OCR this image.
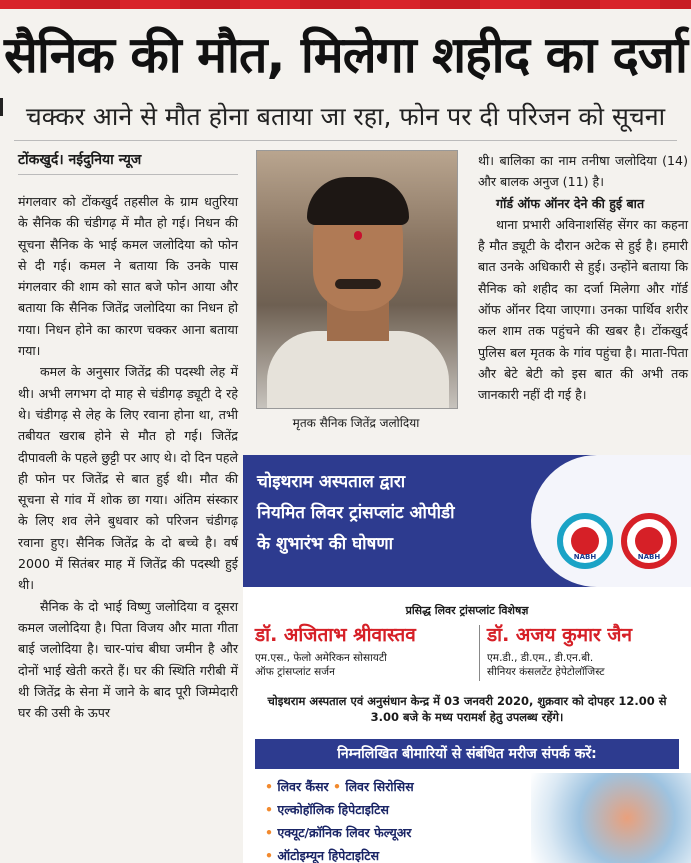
सैनिक की मौत, मिलेगा शहीद का दर्जा
चक्कर आने से मौत होना बताया जा रहा, फोन पर दी परिजन को सूचना
टोंकखुर्द। नईदुनिया न्यूज

मंगलवार को टोंकखुर्द तहसील के ग्राम धतुरिया के सैनिक की चंडीगढ़ में मौत हो गई। निधन की सूचना सैनिक के भाई कमल जलोदिया को फोन से दी गई। कमल ने बताया कि उनके पास मंगलवार की शाम को सात बजे फोन आया और बताया कि सैनिक जितेंद्र जलोदिया का निधन हो गया। निधन होने का कारण चक्कर आना बताया गया।

कमल के अनुसार जितेंद्र की पदस्थी लेह में थी। अभी लगभग दो माह से चंडीगढ़ ड्यूटी दे रहे थे। चंडीगढ़ से लेह के लिए रवाना होना था, तभी तबीयत खराब होने से मौत हो गई। जितेंद्र दीपावली के पहले छुट्टी पर आए थे। दो दिन पहले ही फोन पर जितेंद्र से बात हुई थी। मौत की सूचना से गांव में शोक छा गया। अंतिम संस्कार के लिए शव लेने बुधवार को परिजन चंडीगढ़ रवाना हुए। सैनिक जितेंद्र के दो बच्चे है। वर्ष 2000 में सितंबर माह में जितेंद्र की पदस्थी हुई थी।

सैनिक के दो भाई विष्णु जलोदिया व दूसरा कमल जलोदिया है। पिता विजय और माता गीता बाई जलोदिया है। चार-पांच बीघा जमीन है और दोनों भाई खेती करते हैं। घर की स्थिति गरीबी में थी जितेंद्र के सेना में जाने के बाद पूरी जिम्मेदारी घर की उसी के ऊपर

मृतक सैनिक जितेंद्र जलोदिया

थी। बालिका का नाम तनीषा जलोदिया (14) और बालक अनुज (11) है।

गॉर्ड ऑफ ऑनर देने की हुई बात

थाना प्रभारी अविनाशसिंह सेंगर का कहना है मौत ड्यूटी के दौरान अटेक से हुई है। हमारी बात उनके अधिकारी से हुई। उन्होंने बताया कि सैनिक को शहीद का दर्जा मिलेगा और गॉर्ड ऑफ ऑनर दिया जाएगा। उनका पार्थिव शरीर कल शाम तक पहुंचने की खबर है। टोंकखुर्द पुलिस बल मृतक के गांव पहुंचा है। माता-पिता और बेटे बेटी को इस बात की अभी तक जानकारी नहीं दी गई है।

चोइथराम अस्पताल द्वारा
नियमित लिवर ट्रांसप्लांट ओपीडी
के शुभारंभ की घोषणा
NABH	NABH
प्रसिद्ध लिवर ट्रांसप्लांट विशेषज्ञ
डॉ. अजिताभ श्रीवास्तव
एम.एस., फेलो अमेरिकन सोसायटी
ऑफ ट्रांसप्लांट सर्जन
डॉ. अजय कुमार जैन
एम.डी., डी.एम., डी.एन.बी.
सीनियर कंसलटेंट हेपेटोलॉजिस्ट
चोइथराम अस्पताल एवं अनुसंधान केन्द्र में 03 जनवरी 2020, शुक्रवार को दोपहर 12.00 से 3.00 बजे के मध्य परामर्श हेतु उपलब्ध रहेंगे।
निम्नलिखित बीमारियों से संबंधित मरीज संपर्क करें:
• लिवर कैंसर • लिवर सिरोसिस
• एल्कोहॉलिक हिपेटाइटिस
• एक्यूट/क्रॉनिक लिवर फेल्यूअर
• ऑटोइम्यून हिपेटाइटिस
